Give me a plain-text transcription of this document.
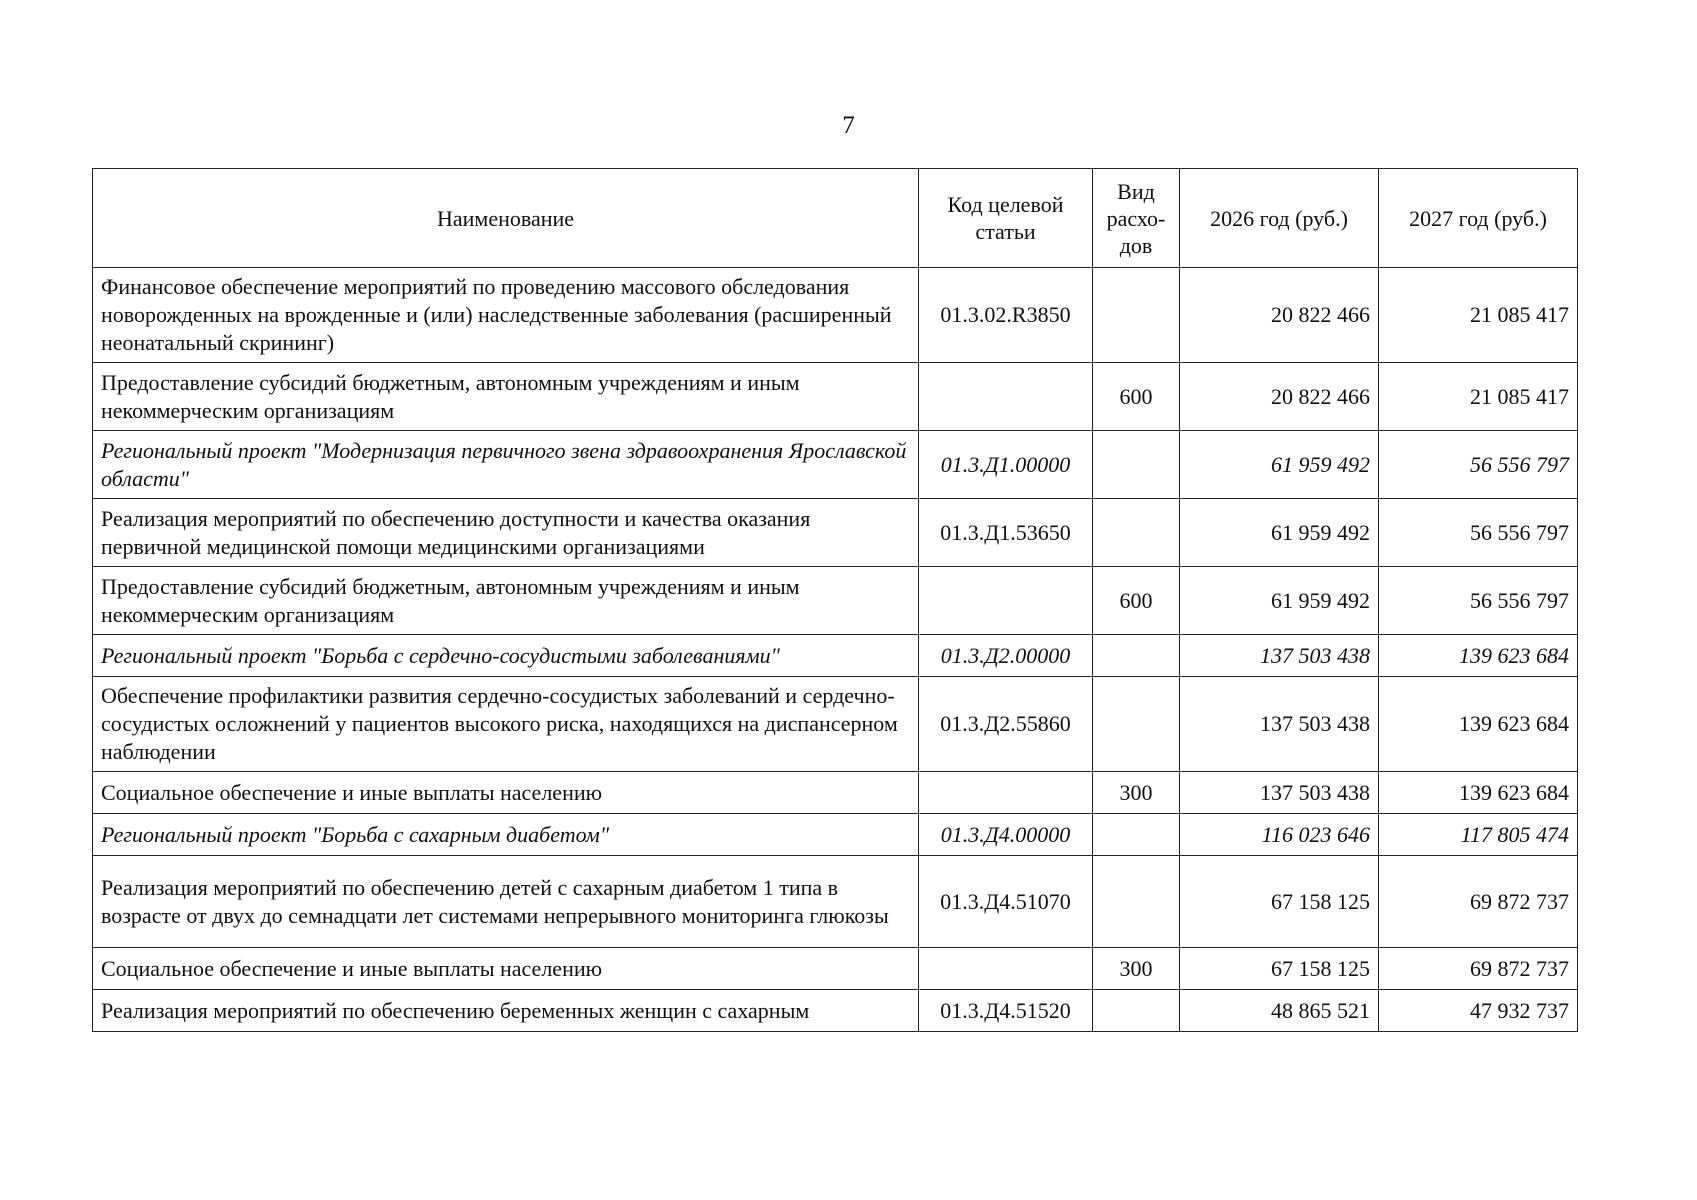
7
Наименование	Код целевой статьи	Вид расхо-дов	2026 год (руб.)	2027 год (руб.)
Финансовое обеспечение мероприятий по проведению массового обследования новорожденных на врожденные и (или) наследственные заболевания (расширенный неонатальный скрининг)	01.3.02.R3850		20 822 466	21 085 417
Предоставление субсидий бюджетным, автономным учреждениям и иным некоммерческим организациям		600	20 822 466	21 085 417
Региональный проект "Модернизация первичного звена здравоохранения Ярославской области"	01.3.Д1.00000		61 959 492	56 556 797
Реализация мероприятий по обеспечению доступности и качества оказания первичной медицинской помощи медицинскими организациями	01.3.Д1.53650		61 959 492	56 556 797
Предоставление субсидий бюджетным, автономным учреждениям и иным некоммерческим организациям		600	61 959 492	56 556 797
Региональный проект "Борьба с сердечно-сосудистыми заболеваниями"	01.3.Д2.00000		137 503 438	139 623 684
Обеспечение профилактики развития сердечно-сосудистых заболеваний и сердечно-сосудистых осложнений у пациентов высокого риска, находящихся на диспансерном наблюдении	01.3.Д2.55860		137 503 438	139 623 684
Социальное обеспечение и иные выплаты населению		300	137 503 438	139 623 684
Региональный проект "Борьба с сахарным диабетом"	01.3.Д4.00000		116 023 646	117 805 474
Реализация мероприятий по обеспечению детей с сахарным диабетом 1 типа в возрасте от двух до семнадцати лет системами непрерывного мониторинга глюкозы	01.3.Д4.51070		67 158 125	69 872 737
Социальное обеспечение и иные выплаты населению		300	67 158 125	69 872 737
Реализация мероприятий по обеспечению беременных женщин с сахарным	01.3.Д4.51520		48 865 521	47 932 737
